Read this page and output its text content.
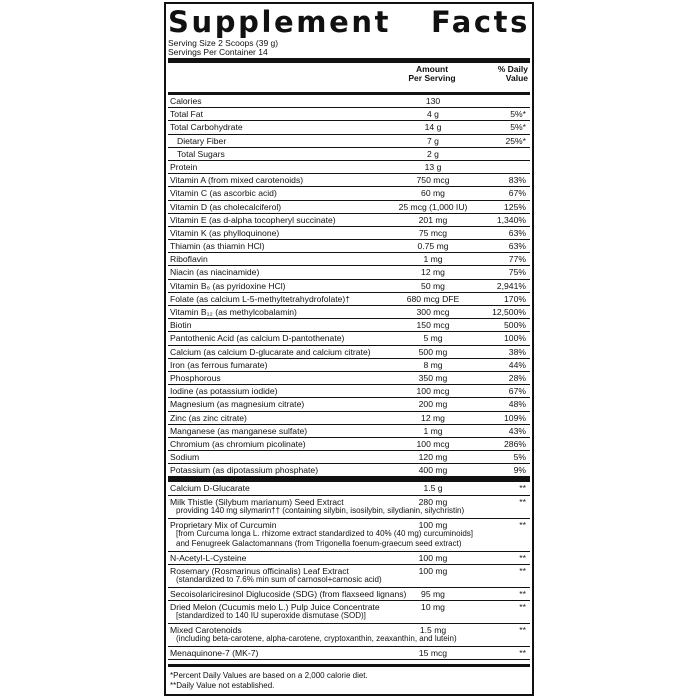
Supplement Facts
Serving Size 2 Scoops (39 g)
Servings Per Container 14
Amount
Per Serving
% Daily
Value
Calories	130
Total Fat	4 g	5%*
Total Carbohydrate	14 g	5%*
Dietary Fiber	7 g	25%*
Total Sugars	2 g
Protein	13 g
Vitamin A (from mixed carotenoids)	750 mcg	83%
Vitamin C (as ascorbic acid)	60 mg	67%
Vitamin D (as cholecalciferol)	25 mcg (1,000 IU)	125%
Vitamin E (as d-alpha tocopheryl succinate)	201 mg	1,340%
Vitamin K (as phylloquinone)	75 mcg	63%
Thiamin (as thiamin HCl)	0.75 mg	63%
Riboflavin	1 mg	77%
Niacin (as niacinamide)	12 mg	75%
Vitamin B₆ (as pyridoxine HCl)	50 mg	2,941%
Folate (as calcium L-5-methyltetrahydrofolate)†	680 mcg DFE	170%
Vitamin B₁₂ (as methylcobalamin)	300 mcg	12,500%
Biotin	150 mcg	500%
Pantothenic Acid (as calcium D-pantothenate)	5 mg	100%
Calcium (as calcium D-glucarate and calcium citrate)	500 mg	38%
Iron (as ferrous fumarate)	8 mg	44%
Phosphorous	350 mg	28%
Iodine (as potassium iodide)	100 mcg	67%
Magnesium (as magnesium citrate)	200 mg	48%
Zinc (as zinc citrate)	12 mg	109%
Manganese (as manganese sulfate)	1 mg	43%
Chromium (as chromium picolinate)	100 mcg	286%
Sodium	120 mg	5%
Potassium (as dipotassium phosphate)	400 mg	9%
Calcium D-Glucarate	1.5 g	**
Milk Thistle (Silybum marianum) Seed Extract	280 mg	**
providing 140 mg silymarin†† (containing silybin, isosilybin, silydianin, silychristin)
Proprietary Mix of Curcumin	100 mg	**
[from Curcuma longa L. rhizome extract standardized to 40% (40 mg) curcuminoids]
and Fenugreek Galactomannans (from Trigonella foenum-graecum seed extract)
N-Acetyl-L-Cysteine	100 mg	**
Rosemary (Rosmarinus officinalis) Leaf Extract	100 mg	**
(standardized to 7.6% min sum of carnosol+carnosic acid)
Secoisolariciresinol Diglucoside (SDG) (from flaxseed lignans)	95 mg	**
Dried Melon (Cucumis melo L.) Pulp Juice Concentrate	10 mg	**
[standardized to 140 IU superoxide dismutase (SOD)]
Mixed Carotenoids	1.5 mg	**
(including beta-carotene, alpha-carotene, cryptoxanthin, zeaxanthin, and lutein)
Menaquinone-7 (MK-7)	15 mcg	**
*Percent Daily Values are based on a 2,000 calorie diet.
**Daily Value not established.
